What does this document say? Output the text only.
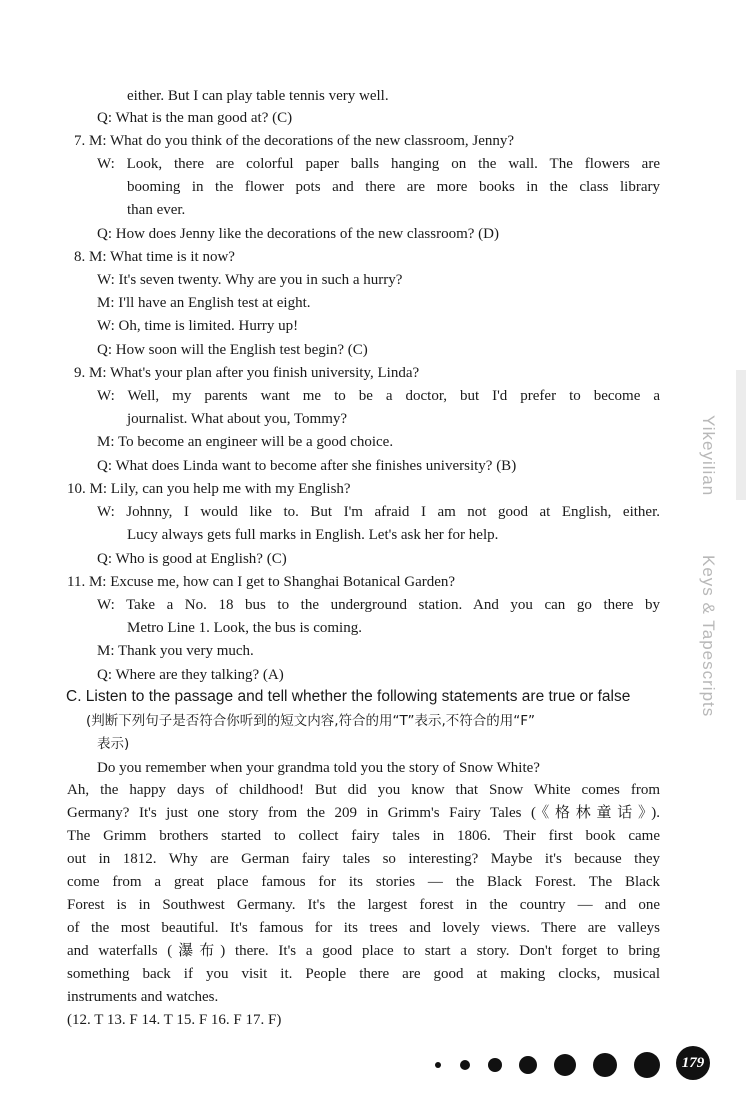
either. But I can play table tennis very well.
Q: What is the man good at? (C)
7. M: What do you think of the decorations of the new classroom, Jenny?
W: Look, there are colorful paper balls hanging on the wall. The flowers are
booming in the flower pots and there are more books in the class library
than ever.
Q: How does Jenny like the decorations of the new classroom? (D)
8. M: What time is it now?
W: It's seven twenty. Why are you in such a hurry?
M: I'll have an English test at eight.
W: Oh, time is limited. Hurry up!
Q: How soon will the English test begin? (C)
9. M: What's your plan after you finish university, Linda?
W: Well, my parents want me to be a doctor, but I'd prefer to become a
journalist. What about you, Tommy?
M: To become an engineer will be a good choice.
Q: What does Linda want to become after she finishes university? (B)
10. M: Lily, can you help me with my English?
W: Johnny, I would like to. But I'm afraid I am not good at English, either.
Lucy always gets full marks in English. Let's ask her for help.
Q: Who is good at English? (C)
11. M: Excuse me, how can I get to Shanghai Botanical Garden?
W: Take a No. 18 bus to the underground station. And you can go there by
Metro Line 1. Look, the bus is coming.
M: Thank you very much.
Q: Where are they talking? (A)
C. Listen to the passage and tell whether the following statements are true or false
(判断下列句子是否符合你听到的短文内容,符合的用“T”表示,不符合的用“F”
表示)
Do you remember when your grandma told you the story of Snow White?
Ah, the happy days of childhood! But did you know that Snow White comes from
Germany? It's just one story from the 209 in Grimm's Fairy Tales (《格林童话》).
The Grimm brothers started to collect fairy tales in 1806. Their first book came
out in 1812. Why are German fairy tales so interesting? Maybe it's because they
come from a great place famous for its stories — the Black Forest. The Black
Forest is in Southwest Germany. It's the largest forest in the country — and one
of the most beautiful. It's famous for its trees and lovely views. There are valleys
and waterfalls (瀑布) there. It's a good place to start a story. Don't forget to bring
something back if you visit it. People there are good at making clocks, musical
instruments and watches.
(12. T 13. F 14. T 15. F 16. F 17. F)
Yikeyilian
Keys & Tapescripts
179
